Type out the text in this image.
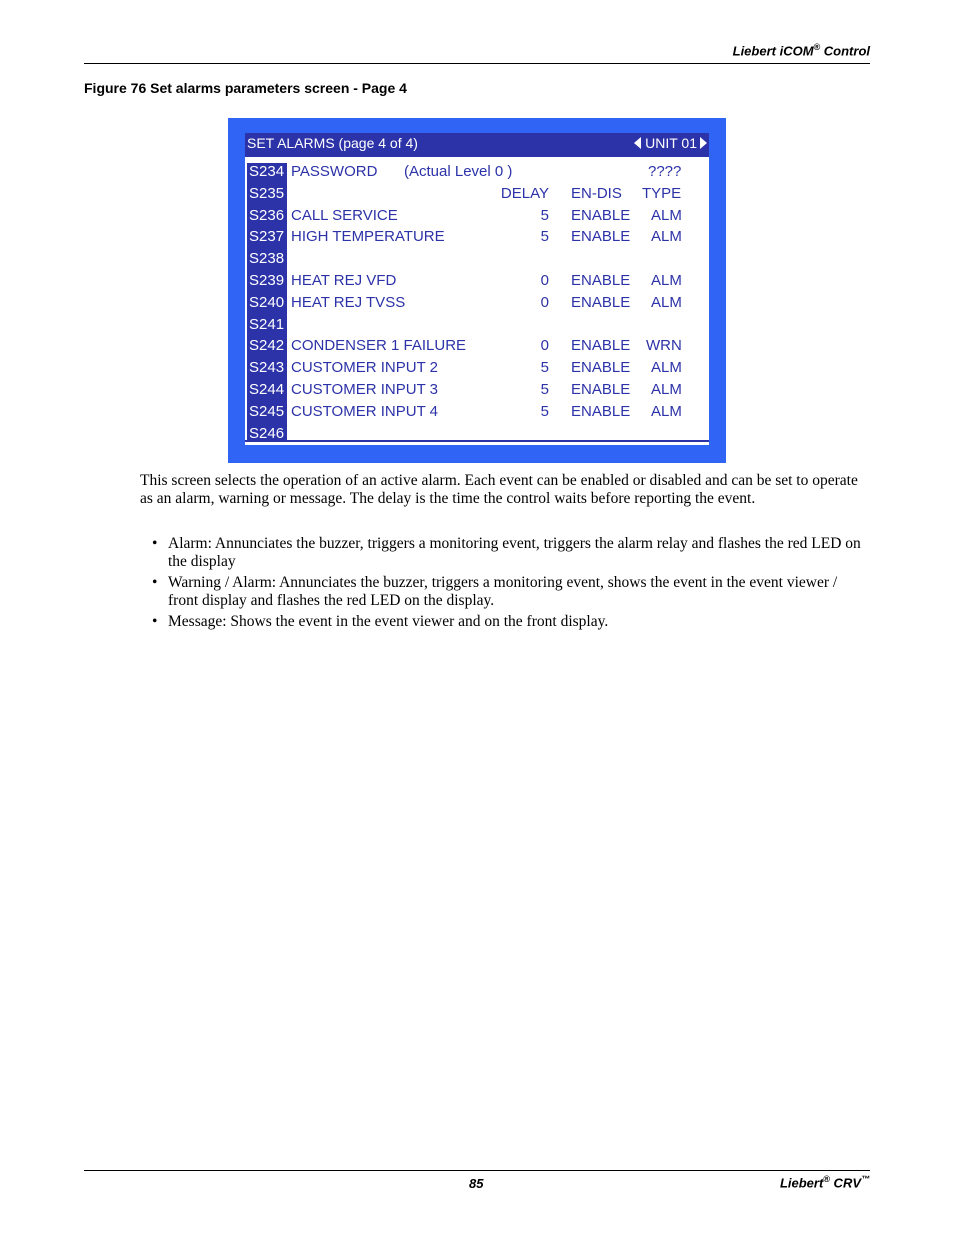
Liebert iCOM® Control
Figure 76 Set alarms parameters screen - Page 4
SET ALARMS (page 4 of 4)	UNIT 01
S234 PASSWORD (Actual Level 0 )	????
S235	DELAY EN-DIS TYPE
S236 CALL SERVICE	5 ENABLE ALM
S237 HIGH TEMPERATURE	5 ENABLE ALM
S238
S239 HEAT REJ VFD	0 ENABLE ALM
S240 HEAT REJ TVSS	0 ENABLE ALM
S241
S242 CONDENSER 1 FAILURE	0 ENABLE WRN
S243 CUSTOMER INPUT 2	5 ENABLE ALM
S244 CUSTOMER INPUT 3	5 ENABLE ALM
S245 CUSTOMER INPUT 4	5 ENABLE ALM
S246
This screen selects the operation of an active alarm. Each event can be enabled or disabled and can be set to operate as an alarm, warning or message. The delay is the time the control waits before reporting the event.
• Alarm: Annunciates the buzzer, triggers a monitoring event, triggers the alarm relay and flashes the red LED on the display
• Warning / Alarm: Annunciates the buzzer, triggers a monitoring event, shows the event in the event viewer / front display and flashes the red LED on the display.
• Message: Shows the event in the event viewer and on the front display.
85	Liebert® CRV™
